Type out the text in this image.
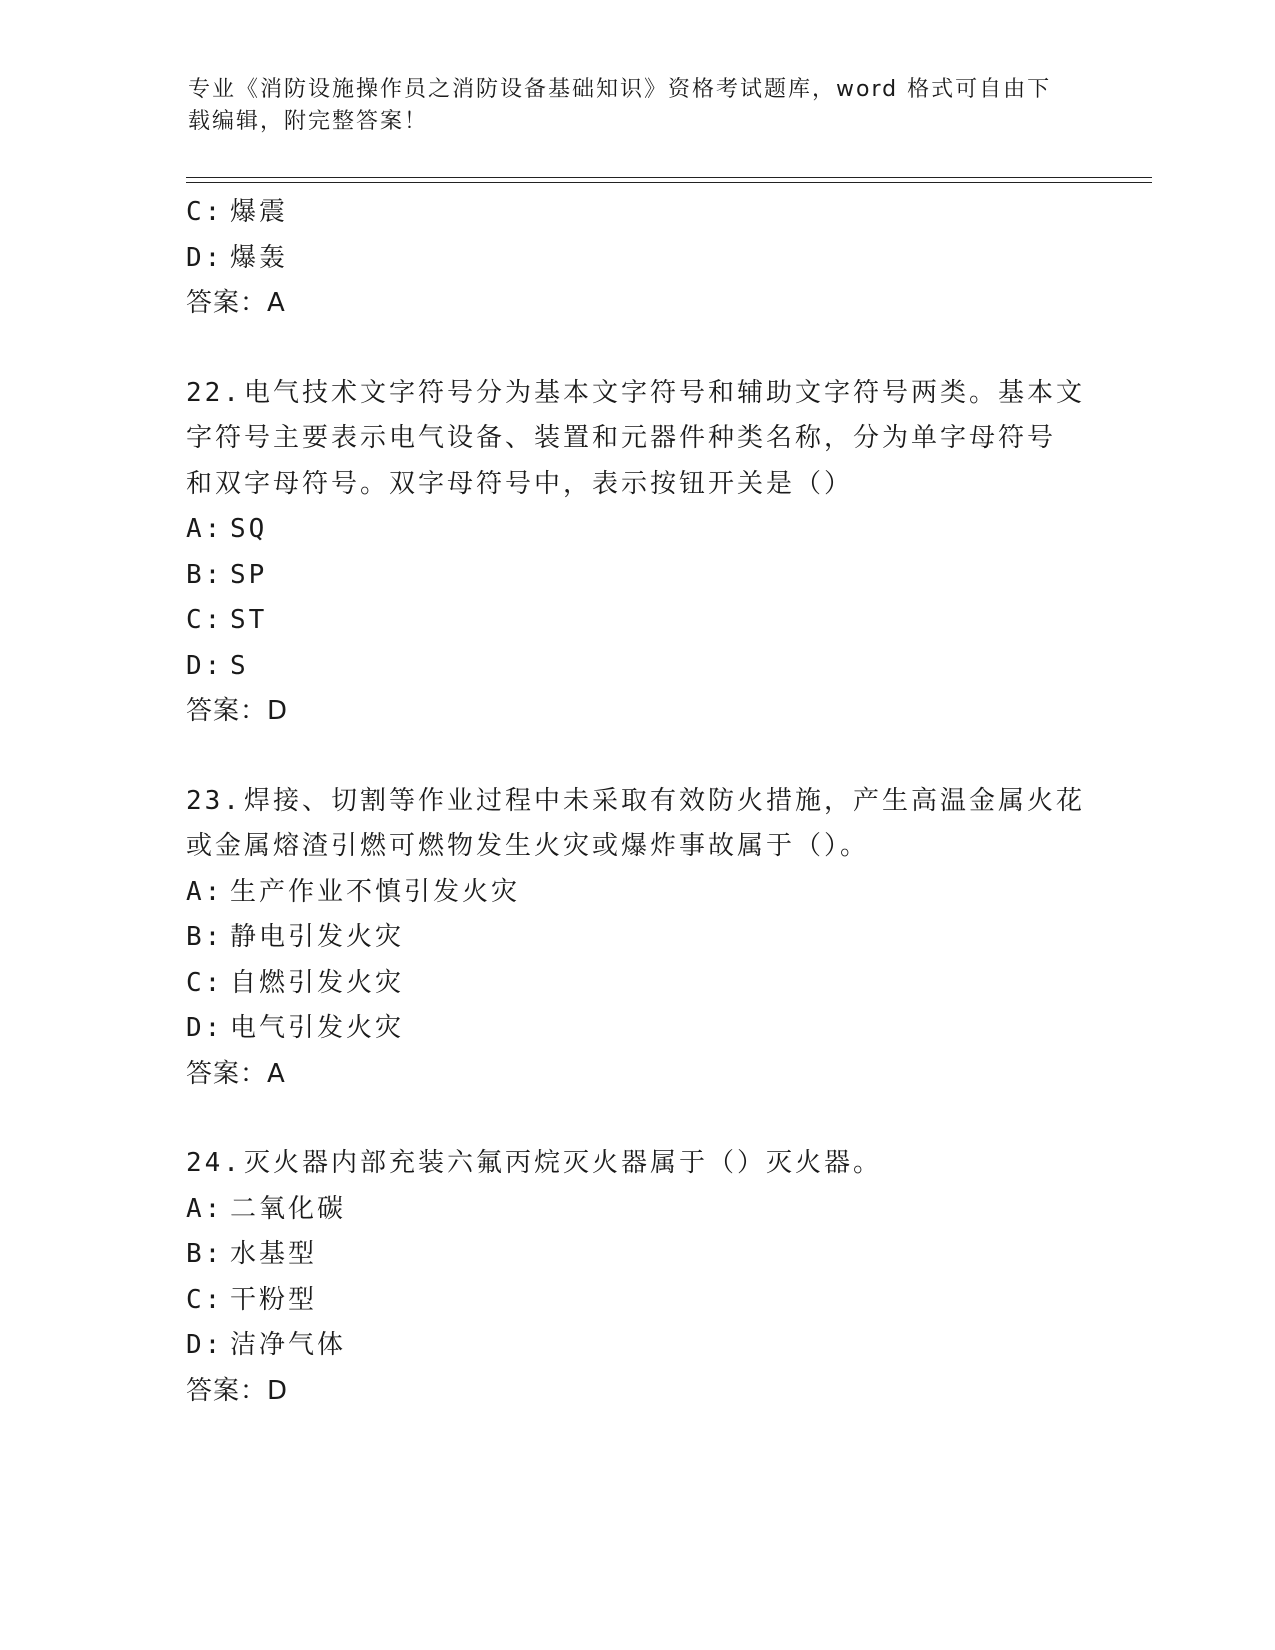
专业《消防设施操作员之消防设备基础知识》资格考试题库，word 格式可自由下
载编辑，附完整答案！
C: 爆震
D: 爆轰
答案：A
22.电气技术文字符号分为基本文字符号和辅助文字符号两类。基本文
字符号主要表示电气设备、装置和元器件种类名称，分为单字母符号
和双字母符号。双字母符号中，表示按钮开关是（）
A: SQ
B: SP
C: ST
D: S
答案：D
23.焊接、切割等作业过程中未采取有效防火措施，产生高温金属火花
或金属熔渣引燃可燃物发生火灾或爆炸事故属于（）。
A: 生产作业不慎引发火灾
B: 静电引发火灾
C: 自燃引发火灾
D: 电气引发火灾
答案：A
24.灭火器内部充装六氟丙烷灭火器属于（）灭火器。
A: 二氧化碳
B: 水基型
C: 干粉型
D: 洁净气体
答案：D
